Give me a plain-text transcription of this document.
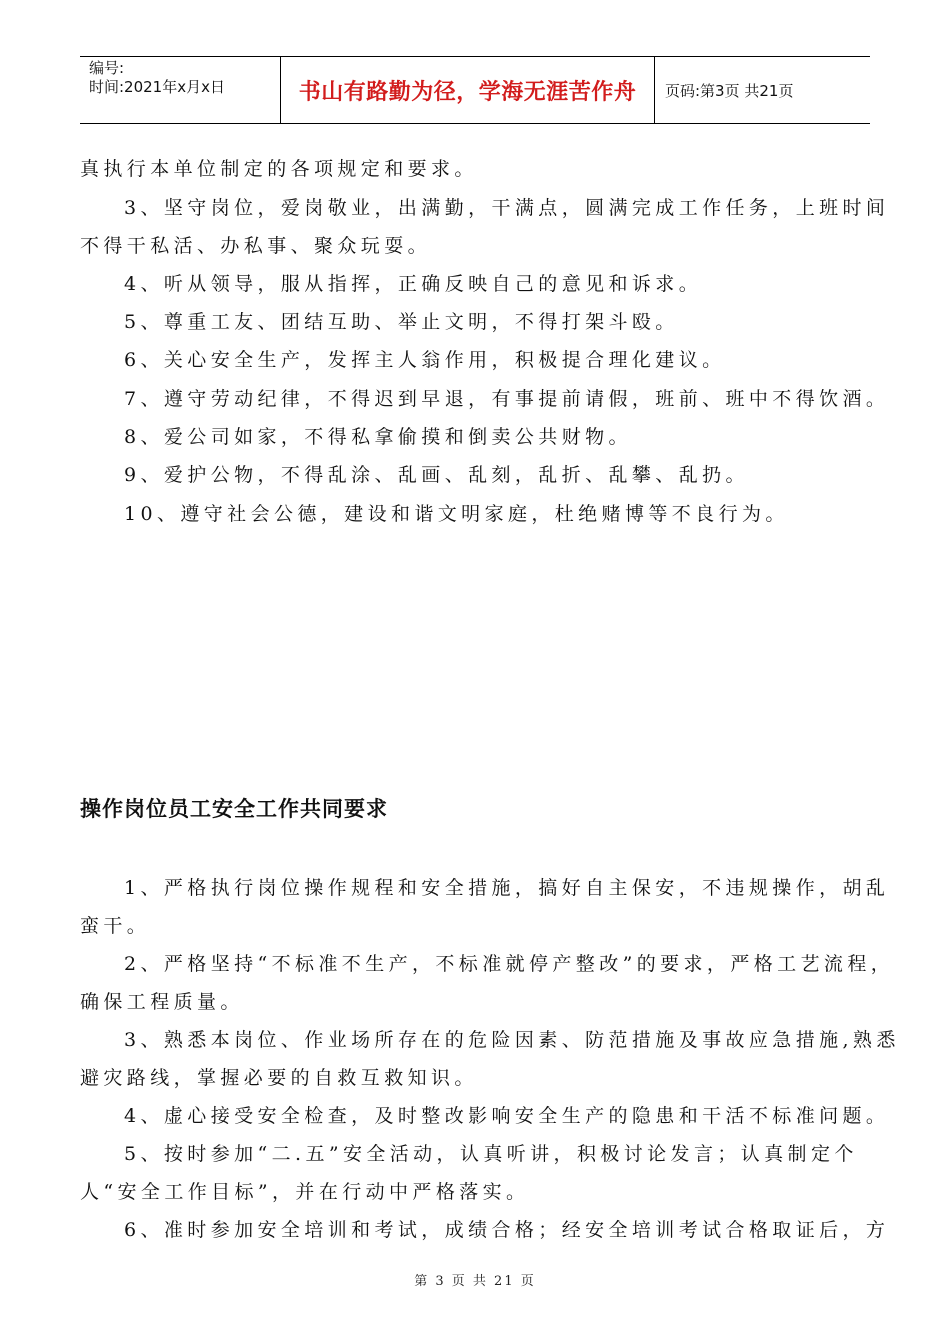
编号:
时间:2021年x月x日	书山有路勤为径，学海无涯苦作舟	页码:第3页 共21页
真执行本单位制定的各项规定和要求。
3、坚守岗位，爱岗敬业，出满勤，干满点，圆满完成工作任务，上班时间
不得干私活、办私事、聚众玩耍。
4、听从领导，服从指挥，正确反映自己的意见和诉求。
5、尊重工友、团结互助、举止文明，不得打架斗殴。
6、关心安全生产，发挥主人翁作用，积极提合理化建议。
7、遵守劳动纪律，不得迟到早退，有事提前请假，班前、班中不得饮酒。
8、爱公司如家，不得私拿偷摸和倒卖公共财物。
9、爱护公物，不得乱涂、乱画、乱刻，乱折、乱攀、乱扔。
10、遵守社会公德，建设和谐文明家庭，杜绝赌博等不良行为。
操作岗位员工安全工作共同要求
1、严格执行岗位操作规程和安全措施，搞好自主保安，不违规操作，胡乱
蛮干。
2、严格坚持“不标准不生产，不标准就停产整改”的要求，严格工艺流程，
确保工程质量。
3、熟悉本岗位、作业场所存在的危险因素、防范措施及事故应急措施,熟悉
避灾路线，掌握必要的自救互救知识。
4、虚心接受安全检查，及时整改影响安全生产的隐患和干活不标准问题。
5、按时参加“二.五”安全活动，认真听讲，积极讨论发言；认真制定个
人“安全工作目标”，并在行动中严格落实。
6、准时参加安全培训和考试，成绩合格；经安全培训考试合格取证后，方
第 3 页 共 21 页
